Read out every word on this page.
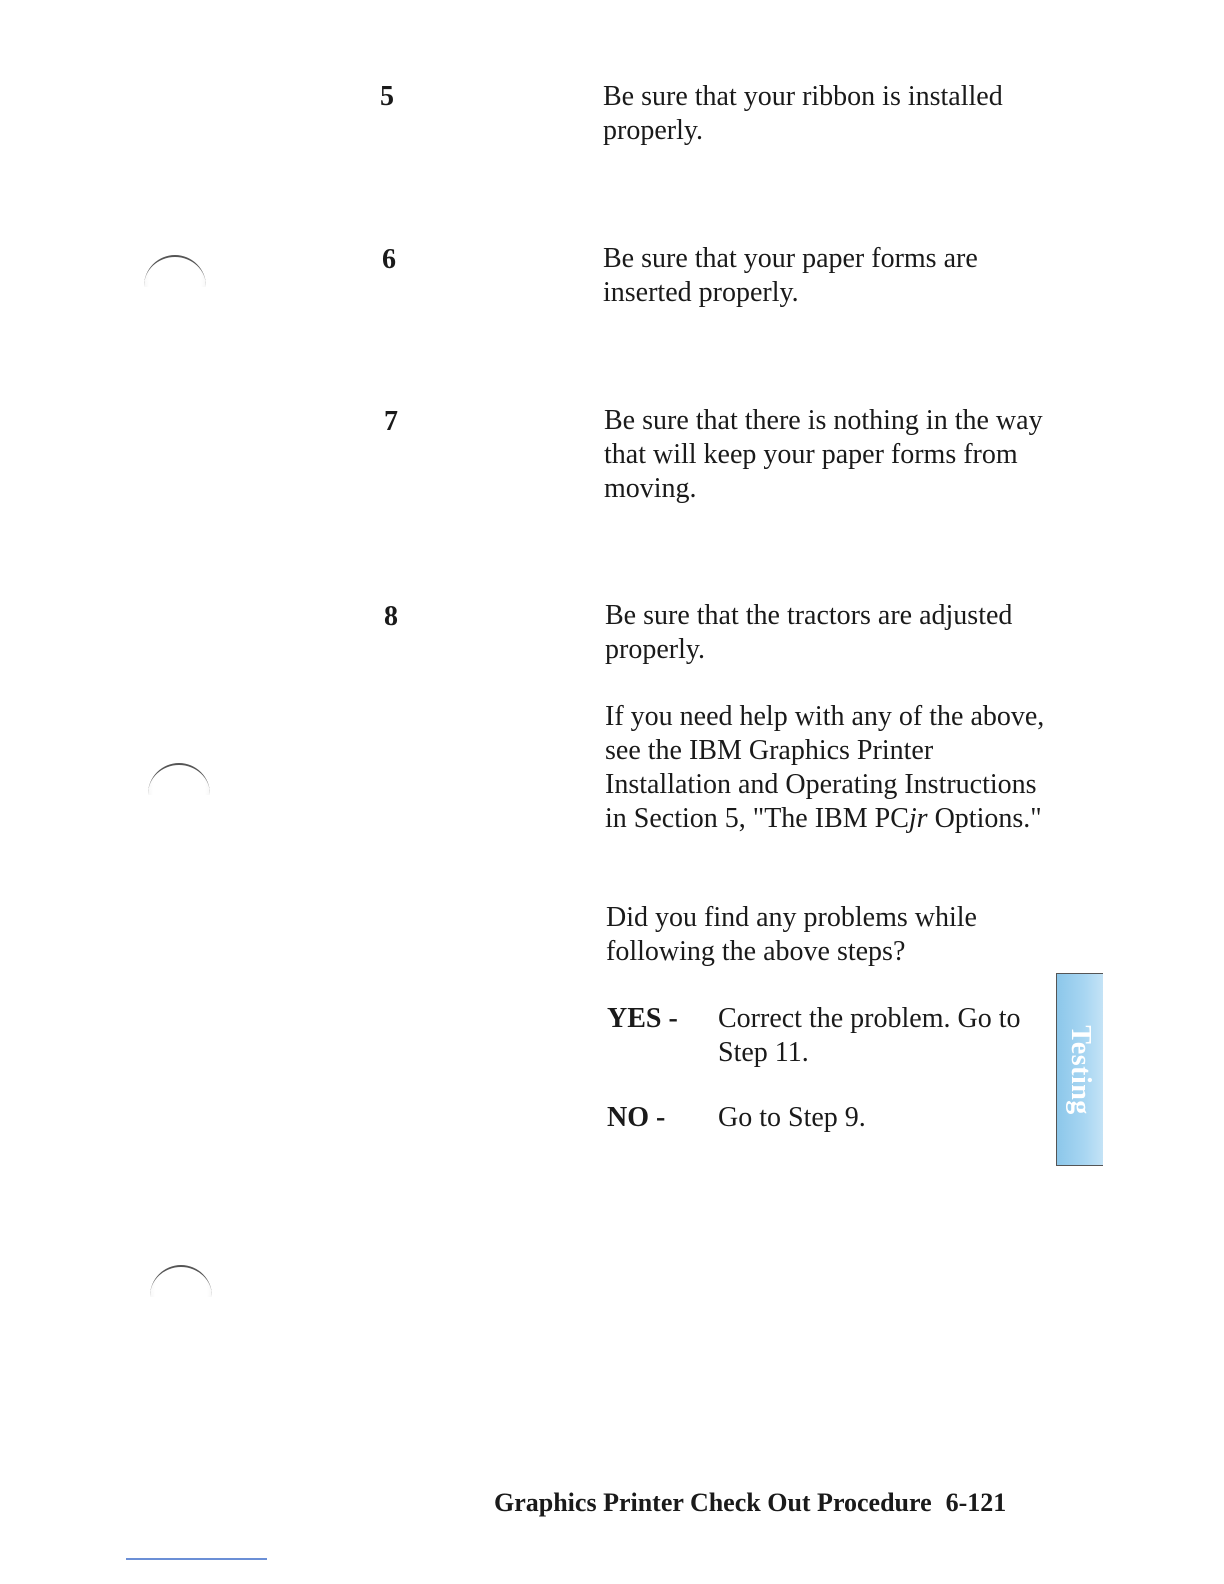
5	Be sure that your ribbon is installed properly.

6	Be sure that your paper forms are inserted properly.

7	Be sure that there is nothing in the way that will keep your paper forms from moving.

8	Be sure that the tractors are adjusted properly.

If you need help with any of the above, see the IBM Graphics Printer Installation and Operating Instructions in Section 5, "The IBM PCjr Options."

Did you find any problems while following the above steps?

YES - Correct the problem. Go to Step 11.
NO - Go to Step 9.
Testing
Graphics Printer Check Out Procedure 6-121
